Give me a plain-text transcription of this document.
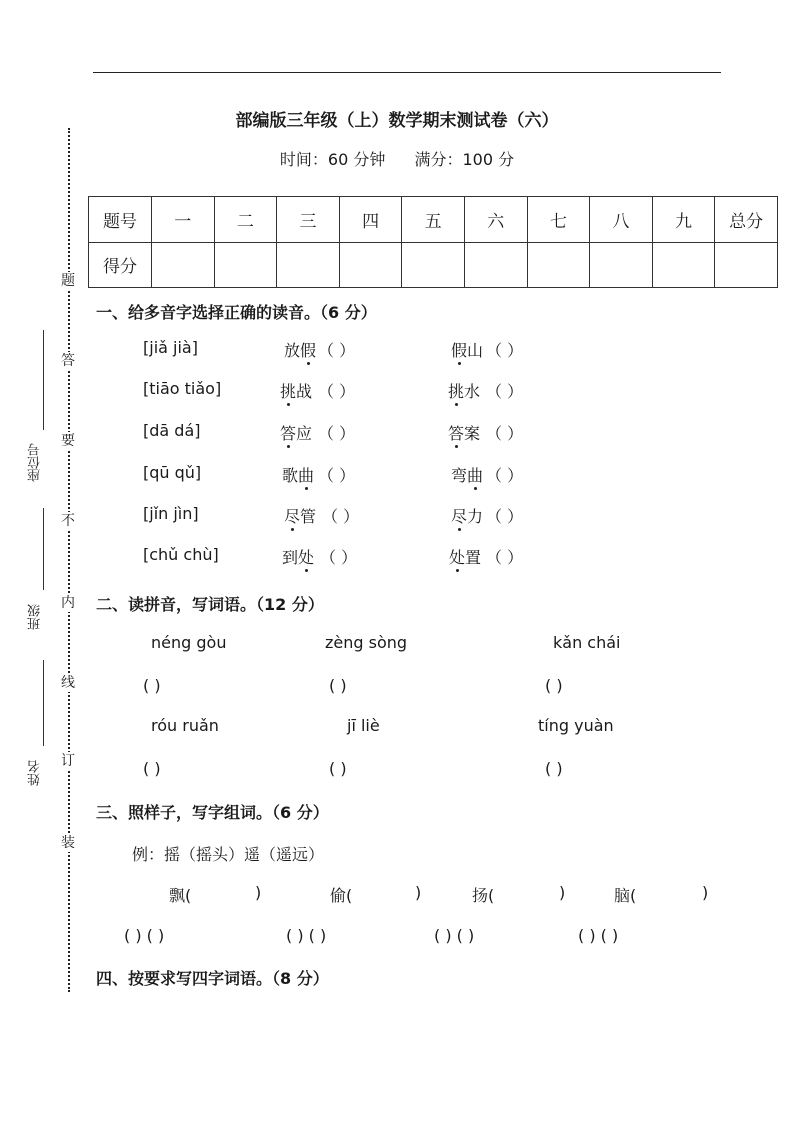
部编版三年级（上）数学期末测试卷（六）
时间：60 分钟 满分：100 分
题号	一	二	三	四	五	六	七	八	九	总分
得分										
题
答
要
不
内
线
订
装
座位号
班级
姓名
一、给多音字选择正确的读音。（6 分）
[jiǎ jià]	放假 （ ）	假山 （ ）
[tiāo tiǎo]	挑战 （ ）	挑水 （ ）
[dā dá]	答应 （ ）	答案 （ ）
[qū qǔ]	歌曲 （ ）	弯曲 （ ）
[jǐn jìn]	尽管 （ ）	尽力 （ ）
[chǔ chù]	到处 （ ）	处置 （ ）
二、读拼音，写词语。（12 分）
néng gòu	zèng sòng	kǎn chái
( )	( )	( )
róu ruǎn	jī liè	tíng yuàn
( )	( )	( )
三、照样子，写字组词。（6 分）
例：摇（摇头）遥（遥远）
飘(	)	偷(	)	扬(	)	脑(	)
( ) ( )	( ) ( )	( ) ( )	( ) ( )
四、按要求写四字词语。（8 分）
